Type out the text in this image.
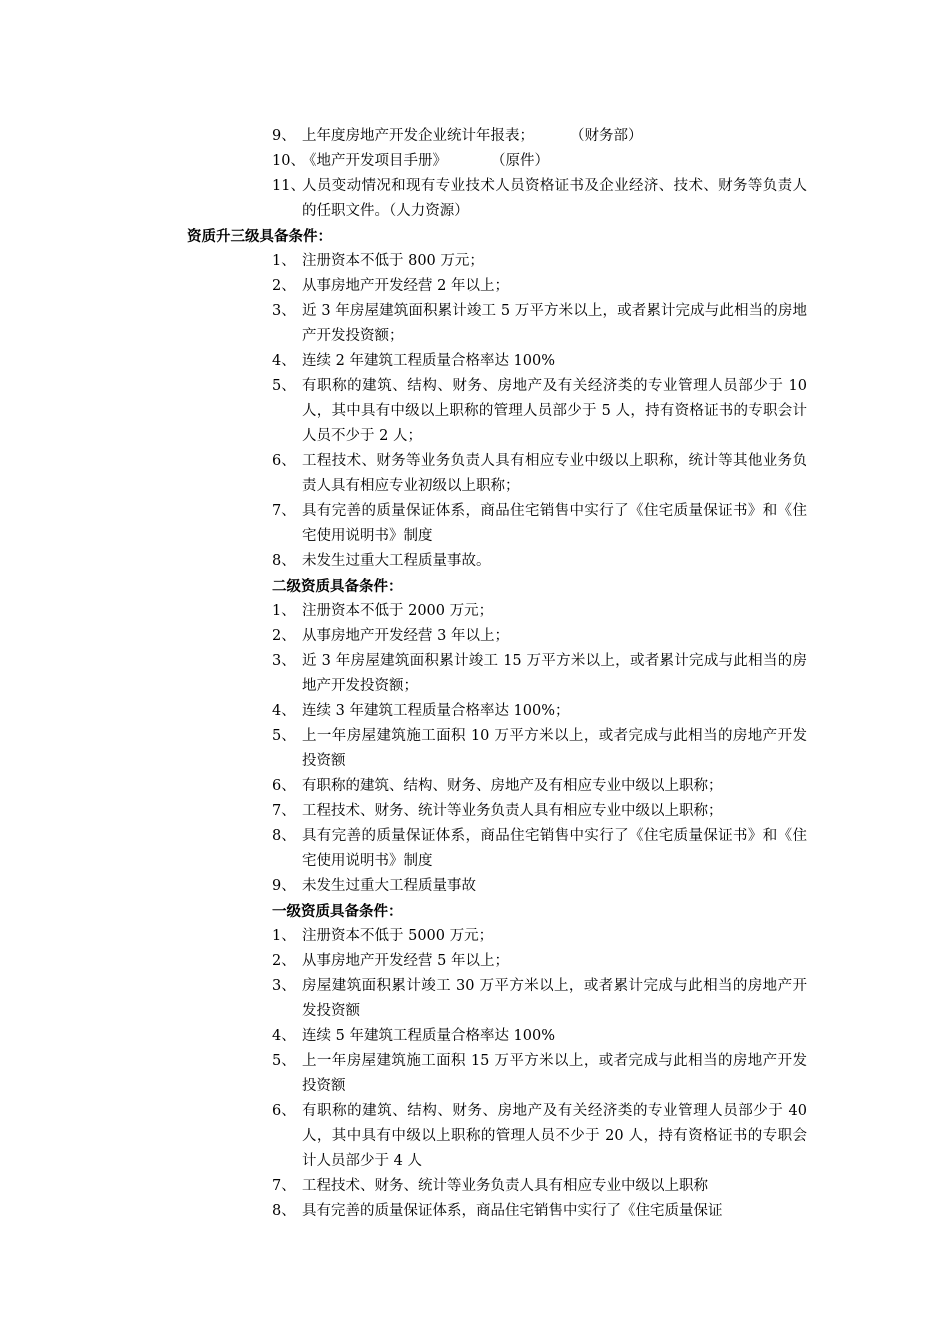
9、 上年度房地产开发企业统计年报表； （财务部）
10、
《地产开发项目手册》	（原件）
11、
人员变动情况和现有专业技术人员资格证书及企业经济、技术、财务等负责人的任职文件。（人力资源）

资质升三级具备条件：

1、 注册资本不低于 800 万元；
2、 从事房地产开发经营 2 年以上；
3、 近 3 年房屋建筑面积累计竣工 5 万平方米以上，或者累计完成与此相当的房地产开发投资额；
4、 连续 2 年建筑工程质量合格率达 100%
5、 有职称的建筑、结构、财务、房地产及有关经济类的专业管理人员部少于 10 人，其中具有中级以上职称的管理人员部少于 5 人，持有资格证书的专职会计人员不少于 2 人；
6、 工程技术、财务等业务负责人具有相应专业中级以上职称，统计等其他业务负责人具有相应专业初级以上职称；
7、 具有完善的质量保证体系，商品住宅销售中实行了《住宅质量保证书》和《住宅使用说明书》制度
8、 未发生过重大工程质量事故。

二级资质具备条件：

1、 注册资本不低于 2000 万元；
2、 从事房地产开发经营 3 年以上；
3、 近 3 年房屋建筑面积累计竣工 15 万平方米以上，或者累计完成与此相当的房地产开发投资额；
4、 连续 3 年建筑工程质量合格率达 100%；
5、 上一年房屋建筑施工面积 10 万平方米以上，或者完成与此相当的房地产开发投资额
6、 有职称的建筑、结构、财务、房地产及有相应专业中级以上职称；
7、 工程技术、财务、统计等业务负责人具有相应专业中级以上职称；
8、 具有完善的质量保证体系，商品住宅销售中实行了《住宅质量保证书》和《住宅使用说明书》制度
9、 未发生过重大工程质量事故

一级资质具备条件：

1、 注册资本不低于 5000 万元；
2、 从事房地产开发经营 5 年以上；
3、 房屋建筑面积累计竣工 30 万平方米以上，或者累计完成与此相当的房地产开发投资额
4、 连续 5 年建筑工程质量合格率达 100%
5、 上一年房屋建筑施工面积 15 万平方米以上，或者完成与此相当的房地产开发投资额
6、 有职称的建筑、结构、财务、房地产及有关经济类的专业管理人员部少于 40 人，其中具有中级以上职称的管理人员不少于 20 人，持有资格证书的专职会计人员部少于 4 人
7、 工程技术、财务、统计等业务负责人具有相应专业中级以上职称
8、 具有完善的质量保证体系，商品住宅销售中实行了《住宅质量保证
